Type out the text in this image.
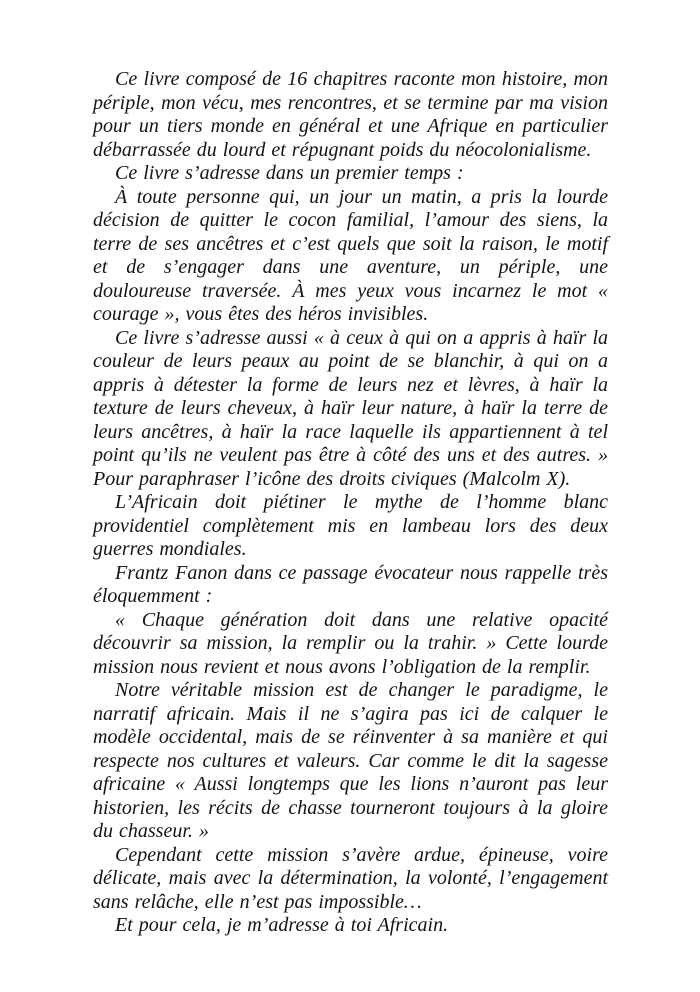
Ce livre composé de 16 chapitres raconte mon histoire, mon périple, mon vécu, mes rencontres, et se termine par ma vision pour un tiers monde en général et une Afrique en particulier débarrassée du lourd et répugnant poids du néocolonialisme.

Ce livre s’adresse dans un premier temps :

À toute personne qui, un jour un matin, a pris la lourde décision de quitter le cocon familial, l’amour des siens, la terre de ses ancêtres et c’est quels que soit la raison, le motif et de s’engager dans une aventure, un périple, une douloureuse traversée. À mes yeux vous incarnez le mot « courage », vous êtes des héros invisibles.

Ce livre s’adresse aussi « à ceux à qui on a appris à haïr la couleur de leurs peaux au point de se blanchir, à qui on a appris à détester la forme de leurs nez et lèvres, à haïr la texture de leurs cheveux, à haïr leur nature, à haïr la terre de leurs ancêtres, à haïr la race laquelle ils appartiennent à tel point qu’ils ne veulent pas être à côté des uns et des autres. » Pour paraphraser l’icône des droits civiques (Malcolm X).

L’Africain doit piétiner le mythe de l’homme blanc providentiel complètement mis en lambeau lors des deux guerres mondiales.

Frantz Fanon dans ce passage évocateur nous rappelle très éloquemment :

« Chaque génération doit dans une relative opacité découvrir sa mission, la remplir ou la trahir. » Cette lourde mission nous revient et nous avons l’obligation de la remplir.

Notre véritable mission est de changer le paradigme, le narratif africain. Mais il ne s’agira pas ici de calquer le modèle occidental, mais de se réinventer à sa manière et qui respecte nos cultures et valeurs. Car comme le dit la sagesse africaine « Aussi longtemps que les lions n’auront pas leur historien, les récits de chasse tourneront toujours à la gloire du chasseur. »

Cependant cette mission s’avère ardue, épineuse, voire délicate, mais avec la détermination, la volonté, l’engagement sans relâche, elle n’est pas impossible…

Et pour cela, je m’adresse à toi Africain.
